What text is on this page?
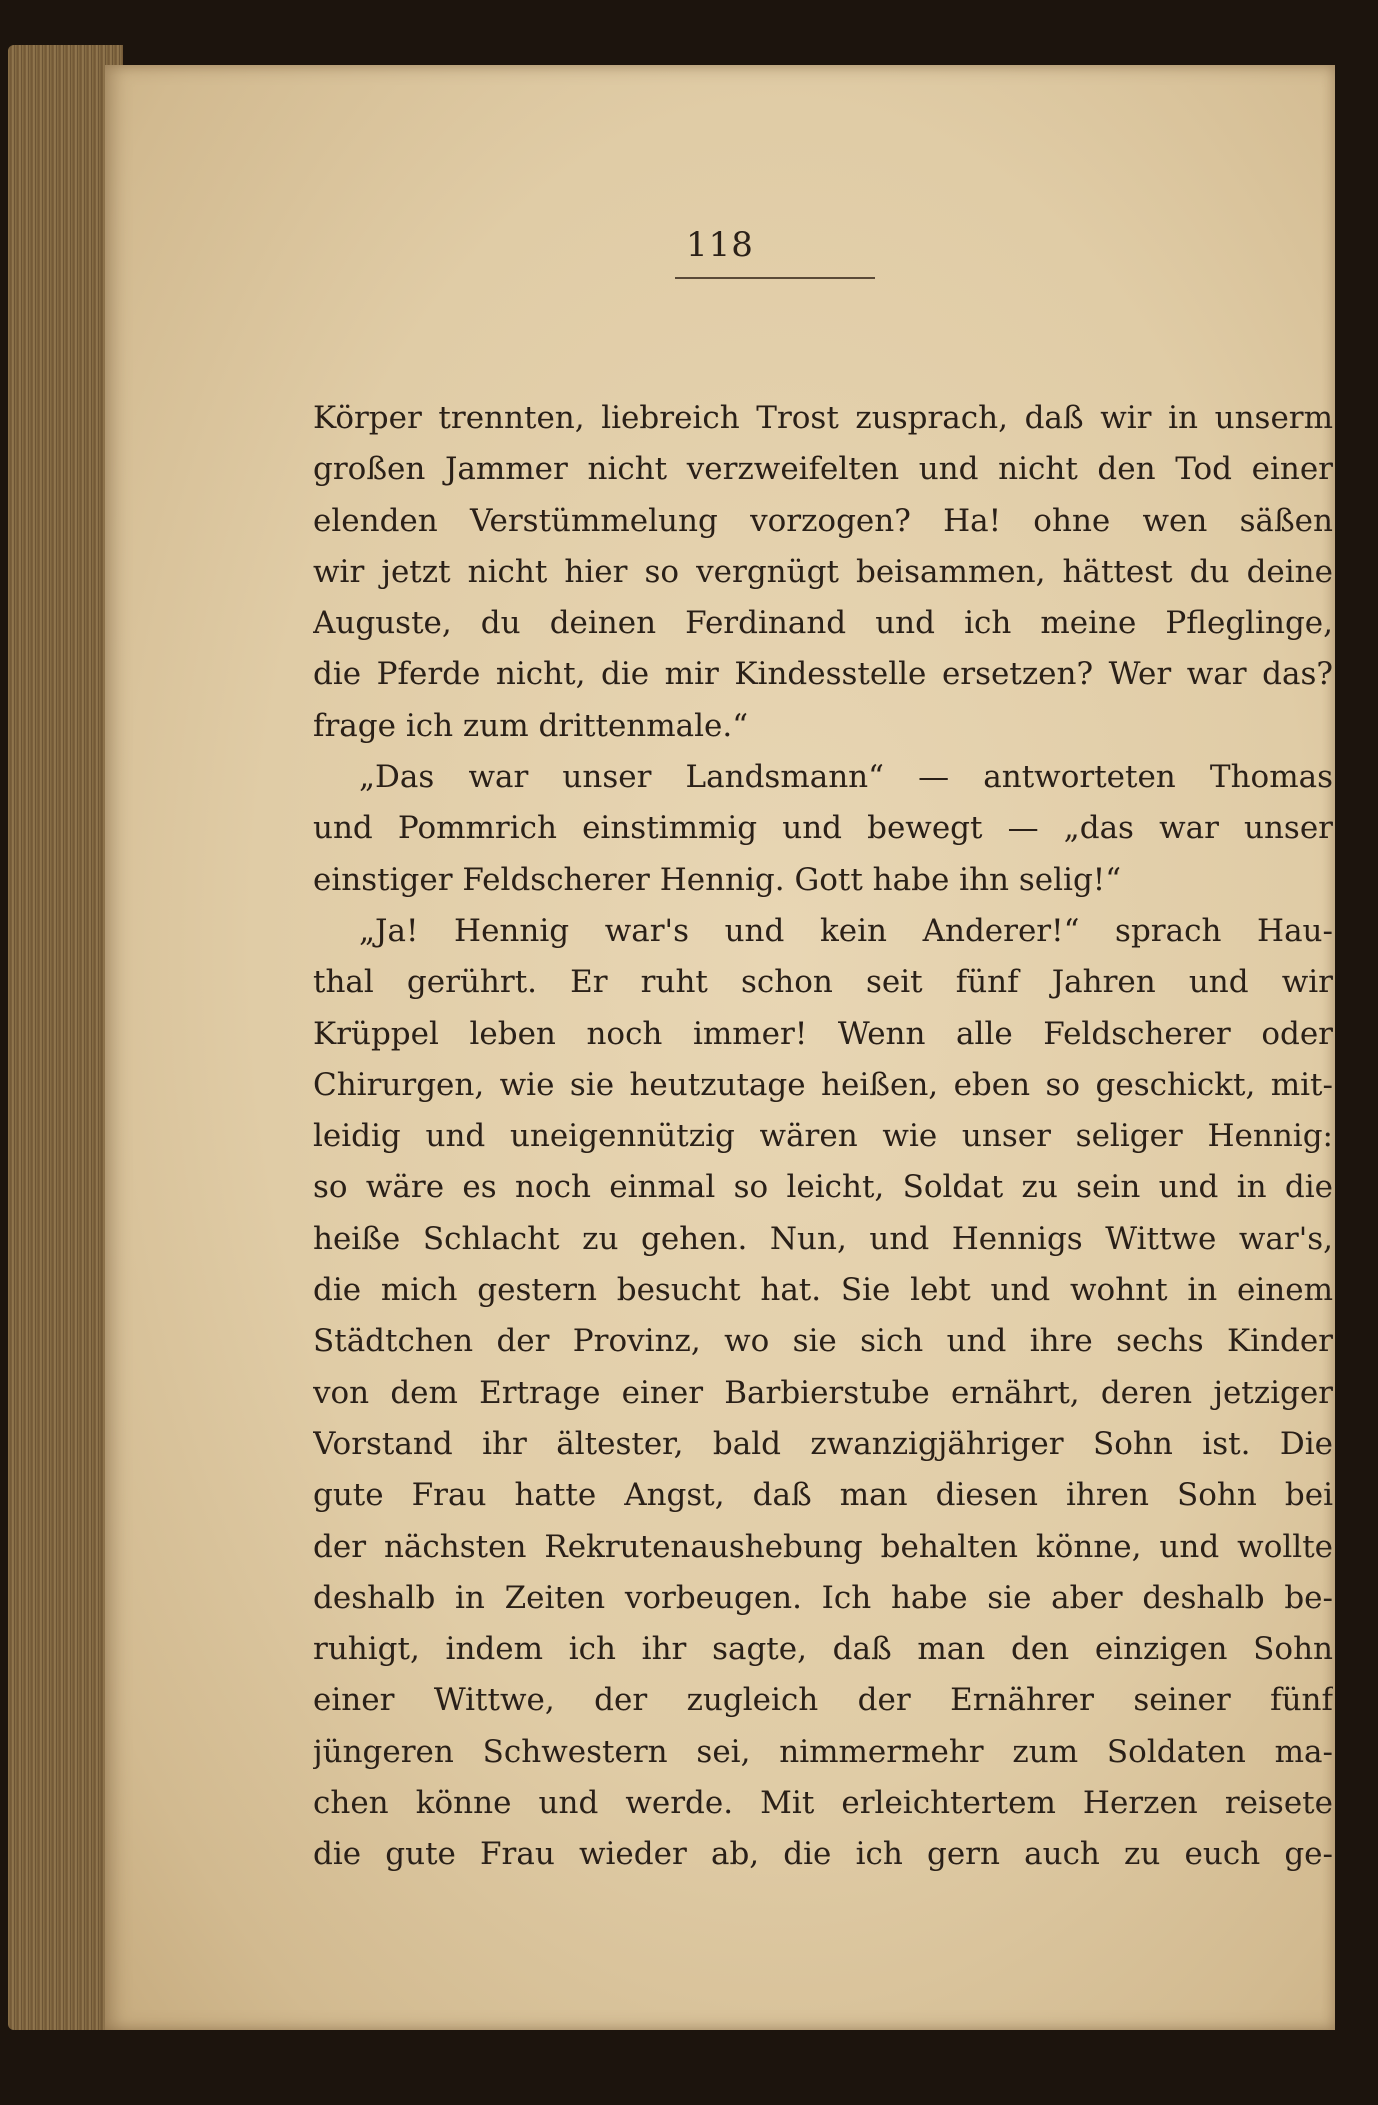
118
Körper trennten, liebreich Trost zusprach, daß wir in unserm
großen Jammer nicht verzweifelten und nicht den Tod einer
elenden Verstümmelung vorzogen? Ha! ohne wen säßen
wir jetzt nicht hier so vergnügt beisammen, hättest du deine
Auguste, du deinen Ferdinand und ich meine Pfleglinge,
die Pferde nicht, die mir Kindesstelle ersetzen? Wer war das?
frage ich zum drittenmale.“
„Das war unser Landsmann“ — antworteten Thomas
und Pommrich einstimmig und bewegt — „das war unser
einstiger Feldscherer Hennig. Gott habe ihn selig!“
„Ja! Hennig war's und kein Anderer!“ sprach Hau-
thal gerührt. Er ruht schon seit fünf Jahren und wir
Krüppel leben noch immer! Wenn alle Feldscherer oder
Chirurgen, wie sie heutzutage heißen, eben so geschickt, mit-
leidig und uneigennützig wären wie unser seliger Hennig:
so wäre es noch einmal so leicht, Soldat zu sein und in die
heiße Schlacht zu gehen. Nun, und Hennigs Wittwe war's,
die mich gestern besucht hat. Sie lebt und wohnt in einem
Städtchen der Provinz, wo sie sich und ihre sechs Kinder
von dem Ertrage einer Barbierstube ernährt, deren jetziger
Vorstand ihr ältester, bald zwanzigjähriger Sohn ist. Die
gute Frau hatte Angst, daß man diesen ihren Sohn bei
der nächsten Rekrutenaushebung behalten könne, und wollte
deshalb in Zeiten vorbeugen. Ich habe sie aber deshalb be-
ruhigt, indem ich ihr sagte, daß man den einzigen Sohn
einer Wittwe, der zugleich der Ernährer seiner fünf
jüngeren Schwestern sei, nimmermehr zum Soldaten ma-
chen könne und werde. Mit erleichtertem Herzen reisete
die gute Frau wieder ab, die ich gern auch zu euch ge-
